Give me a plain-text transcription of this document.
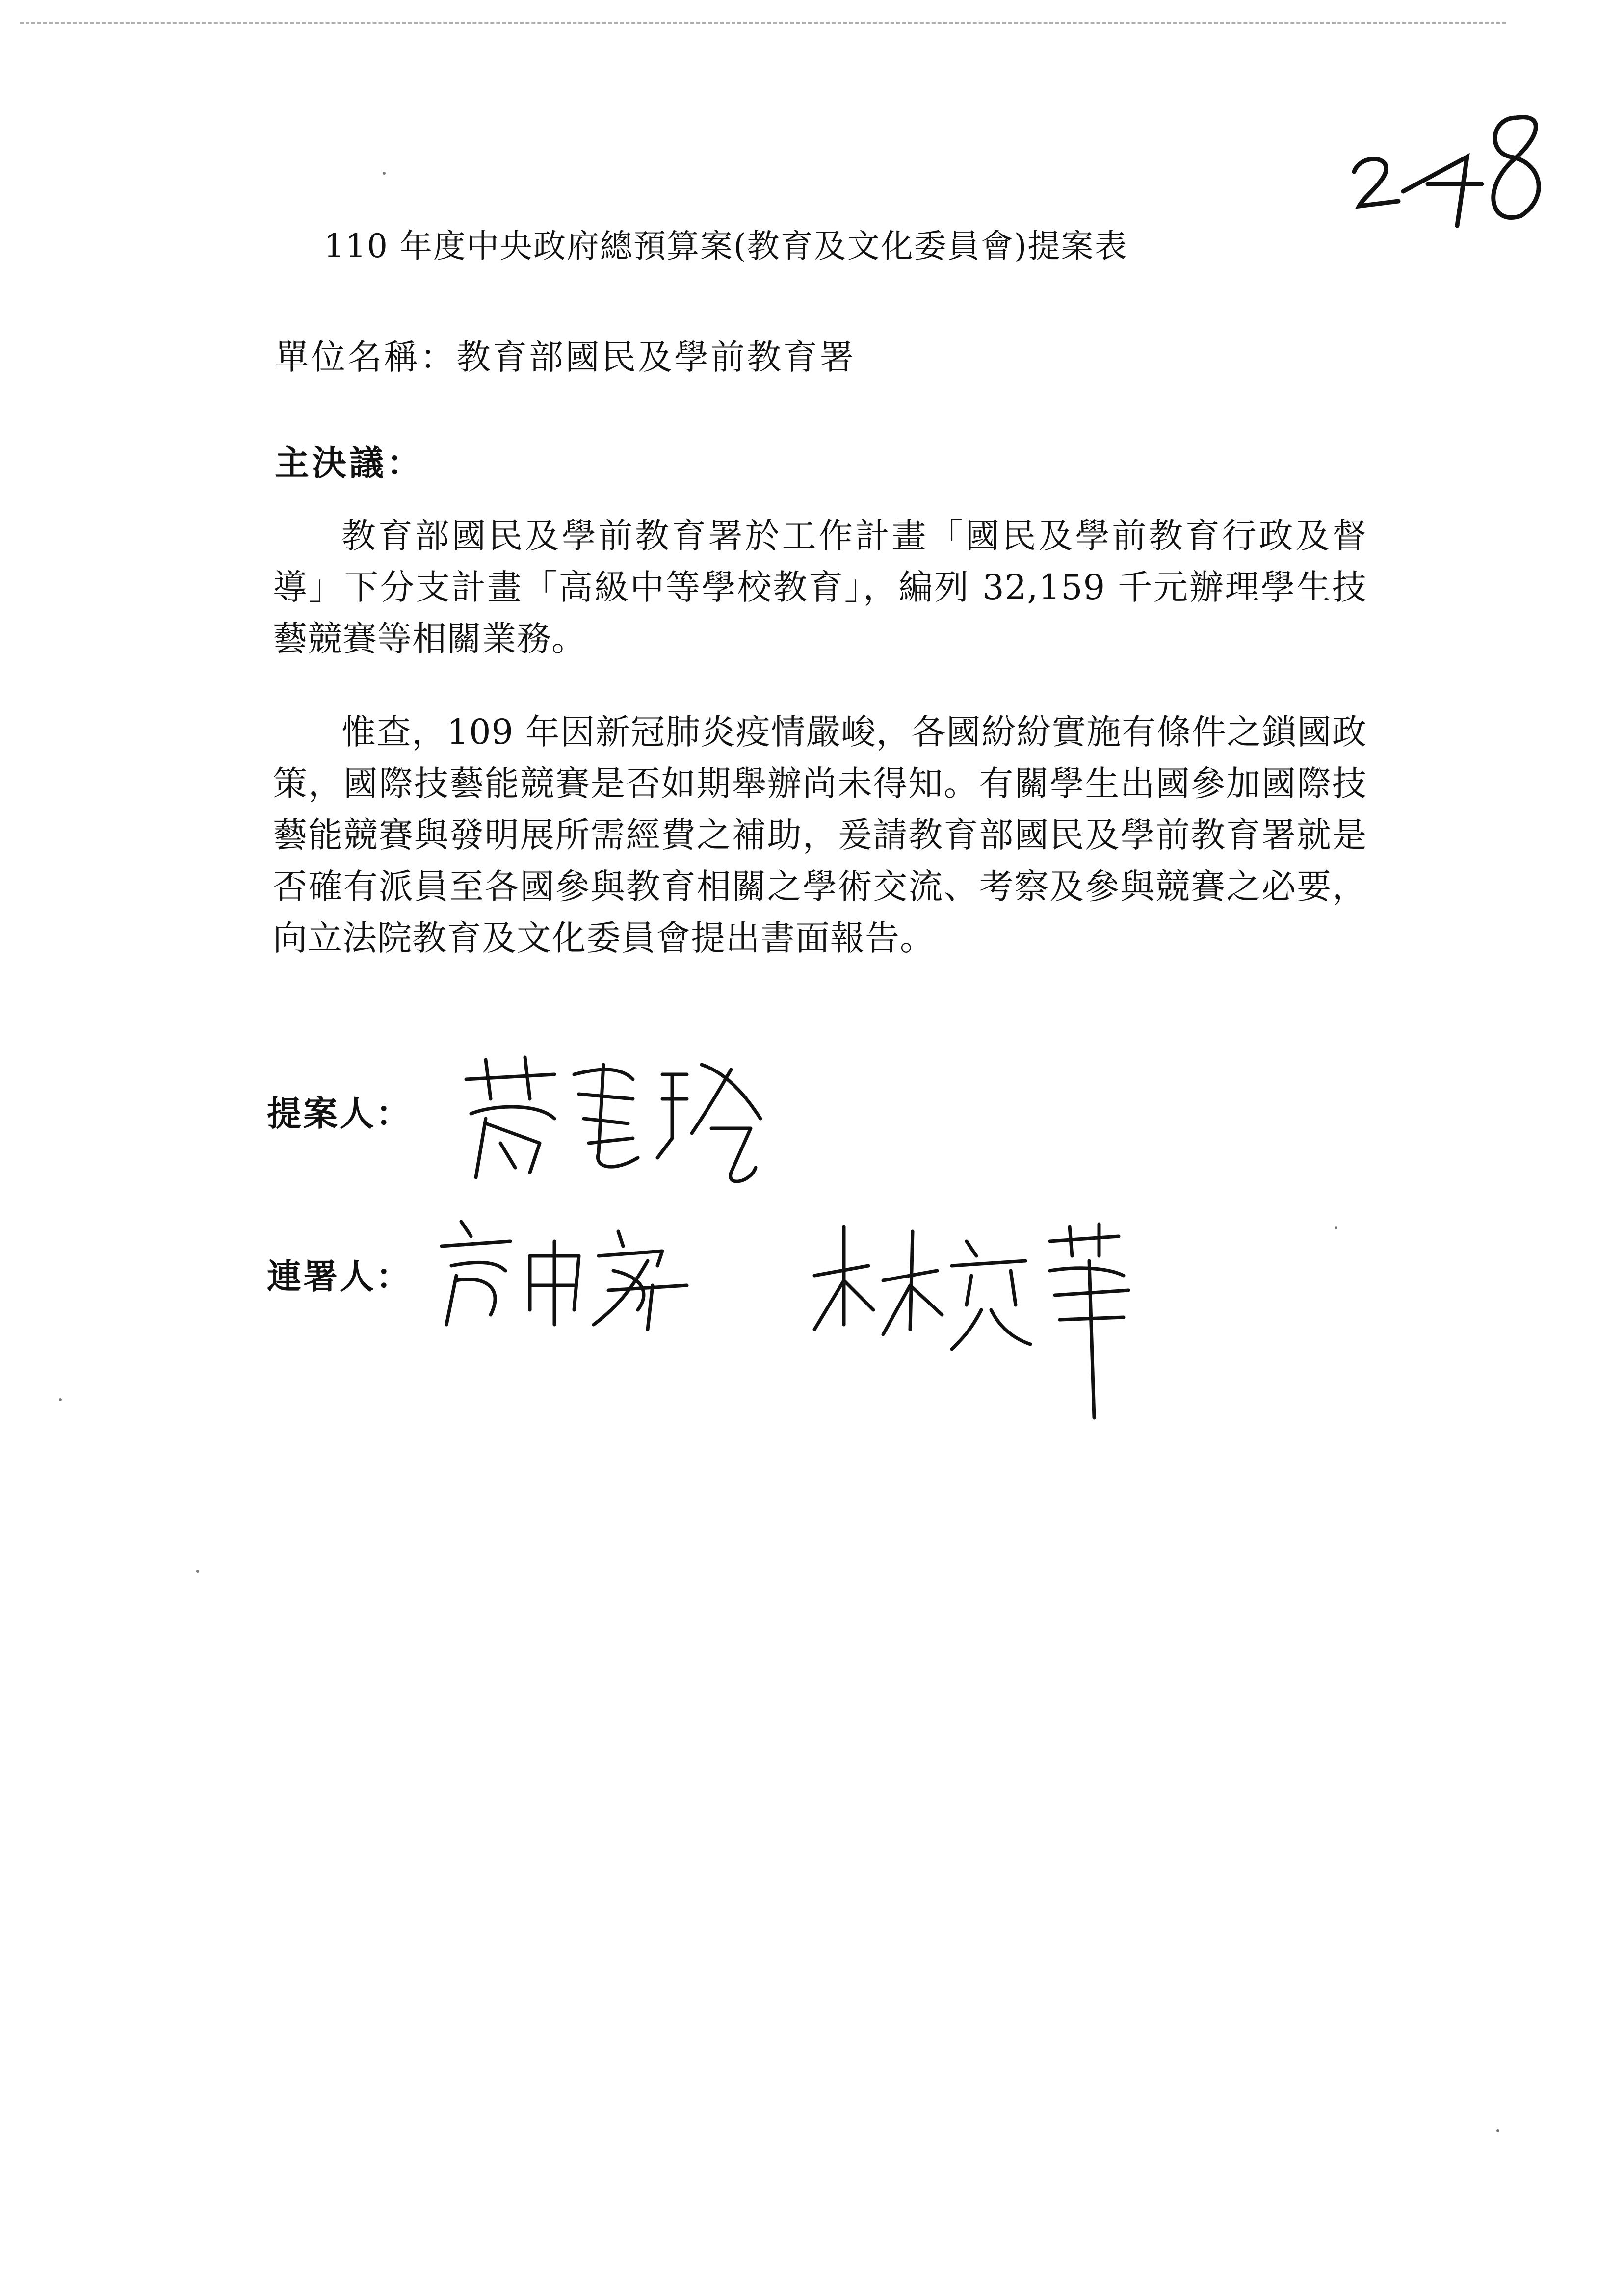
110 年度中央政府總預算案(教育及文化委員會)提案表
單位名稱：教育部國民及學前教育署
主決議：

教育部國民及學前教育署於工作計畫「國民及學前教育行政及督導」下分支計畫「高級中等學校教育」，編列 32,159 千元辦理學生技藝競賽等相關業務。

惟查，109 年因新冠肺炎疫情嚴峻，各國紛紛實施有條件之鎖國政策，國際技藝能競賽是否如期舉辦尚未得知。有關學生出國參加國際技藝能競賽與發明展所需經費之補助，爰請教育部國民及學前教育署就是否確有派員至各國參與教育相關之學術交流、考察及參與競賽之必要，向立法院教育及文化委員會提出書面報告。

提案人：
連署人：
